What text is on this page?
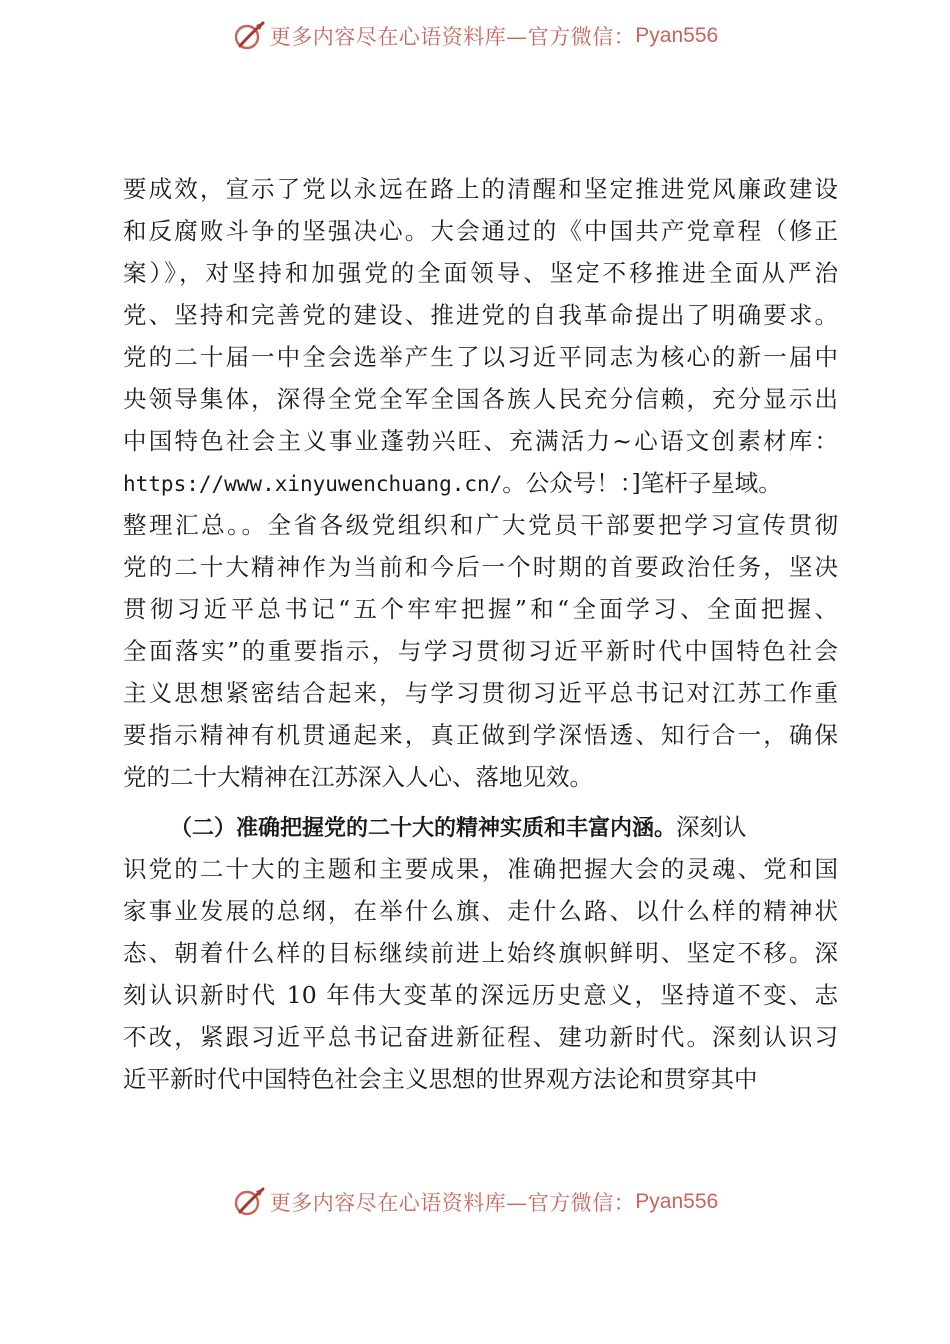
更多内容尽在心语资料库—官方微信： Pyan556
要成效，宣示了党以永远在路上的清醒和坚定推进党风廉政建设
和反腐败斗争的坚强决心。大会通过的《中国共产党章程（修正
案）》，对坚持和加强党的全面领导、坚定不移推进全面从严治
党、坚持和完善党的建设、推进党的自我革命提出了明确要求。
党的二十届一中全会选举产生了以习近平同志为核心的新一届中
央领导集体，深得全党全军全国各族人民充分信赖，充分显示出
中国特色社会主义事业蓬勃兴旺、充满活力~心语文创素材库：
https://www.xinyuwenchuang.cn/。公众号！：]笔杆子星域。
整理汇总。。全省各级党组织和广大党员干部要把学习宣传贯彻
党的二十大精神作为当前和今后一个时期的首要政治任务，坚决
贯彻习近平总书记“五个牢牢把握”和“全面学习、全面把握、
全面落实”的重要指示，与学习贯彻习近平新时代中国特色社会
主义思想紧密结合起来，与学习贯彻习近平总书记对江苏工作重
要指示精神有机贯通起来，真正做到学深悟透、知行合一，确保
党的二十大精神在江苏深入人心、落地见效。
（二）准确把握党的二十大的精神实质和丰富内涵。深刻认
识党的二十大的主题和主要成果，准确把握大会的灵魂、党和国
家事业发展的总纲，在举什么旗、走什么路、以什么样的精神状
态、朝着什么样的目标继续前进上始终旗帜鲜明、坚定不移。深
刻认识新时代 10 年伟大变革的深远历史意义，坚持道不变、志
不改，紧跟习近平总书记奋进新征程、建功新时代。深刻认识习
近平新时代中国特色社会主义思想的世界观方法论和贯穿其中
更多内容尽在心语资料库—官方微信： Pyan556
